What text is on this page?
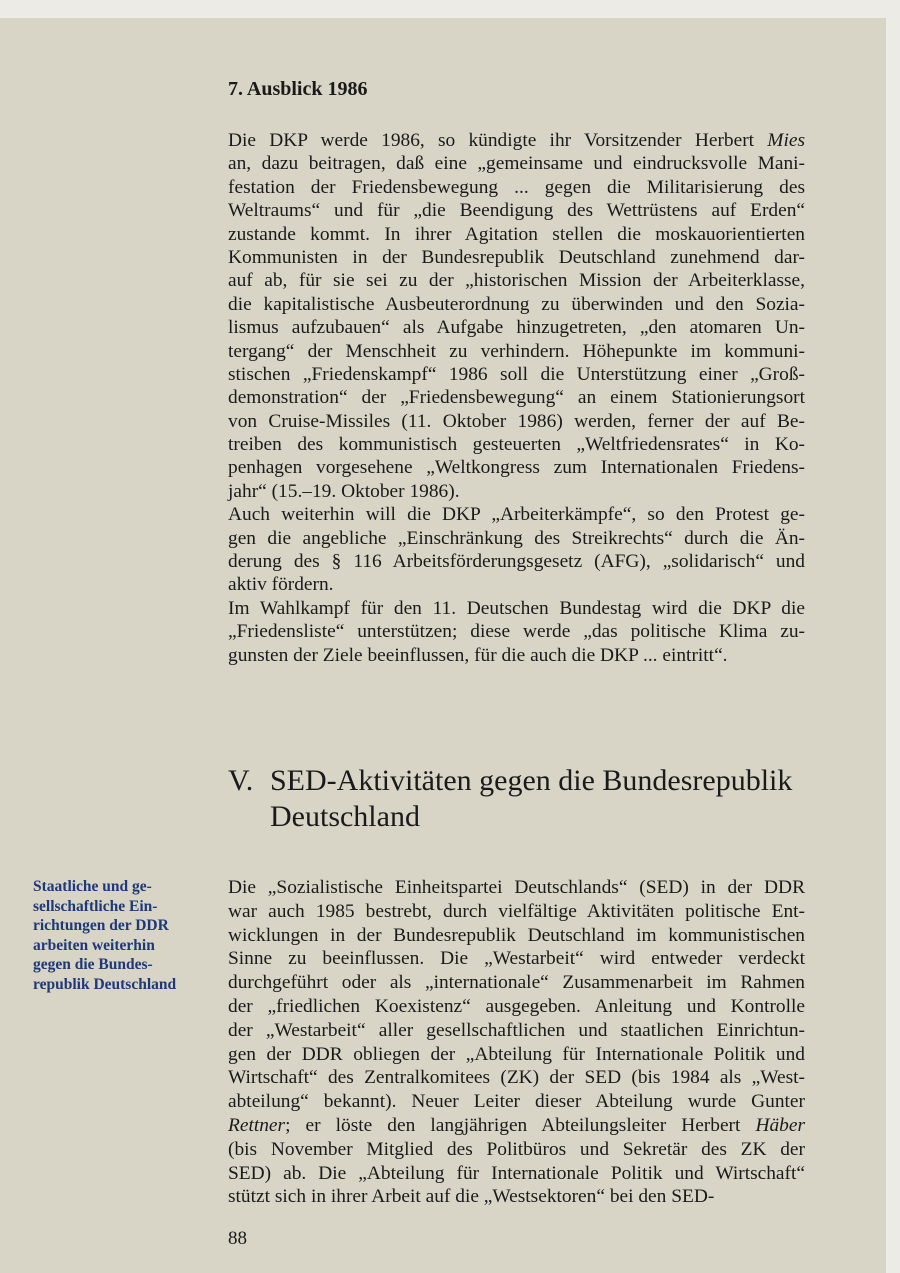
7. Ausblick 1986
Die DKP werde 1986, so kündigte ihr Vorsitzender Herbert Mies
an, dazu beitragen, daß eine „gemeinsame und eindrucksvolle Mani-
festation der Friedensbewegung ... gegen die Militarisierung des
Weltraums“ und für „die Beendigung des Wettrüstens auf Erden“
zustande kommt. In ihrer Agitation stellen die moskauorientierten
Kommunisten in der Bundesrepublik Deutschland zunehmend dar-
auf ab, für sie sei zu der „historischen Mission der Arbeiterklasse,
die kapitalistische Ausbeuterordnung zu überwinden und den Sozia-
lismus aufzubauen“ als Aufgabe hinzugetreten, „den atomaren Un-
tergang“ der Menschheit zu verhindern. Höhepunkte im kommuni-
stischen „Friedenskampf“ 1986 soll die Unterstützung einer „Groß-
demonstration“ der „Friedensbewegung“ an einem Stationierungsort
von Cruise-Missiles (11. Oktober 1986) werden, ferner der auf Be-
treiben des kommunistisch gesteuerten „Weltfriedensrates“ in Ko-
penhagen vorgesehene „Weltkongress zum Internationalen Friedens-
jahr“ (15.–19. Oktober 1986).
Auch weiterhin will die DKP „Arbeiterkämpfe“, so den Protest ge-
gen die angebliche „Einschränkung des Streikrechts“ durch die Än-
derung des § 116 Arbeitsförderungsgesetz (AFG), „solidarisch“ und
aktiv fördern.
Im Wahlkampf für den 11. Deutschen Bundestag wird die DKP die
„Friedensliste“ unterstützen; diese werde „das politische Klima zu-
gunsten der Ziele beeinflussen, für die auch die DKP ... eintritt“.
V. SED-Aktivitäten gegen die Bundesrepublik
Deutschland
Staatliche und ge-
sellschaftliche Ein-
richtungen der DDR
arbeiten weiterhin
gegen die Bundes-
republik Deutschland
Die „Sozialistische Einheitspartei Deutschlands“ (SED) in der DDR
war auch 1985 bestrebt, durch vielfältige Aktivitäten politische Ent-
wicklungen in der Bundesrepublik Deutschland im kommunistischen
Sinne zu beeinflussen. Die „Westarbeit“ wird entweder verdeckt
durchgeführt oder als „internationale“ Zusammenarbeit im Rahmen
der „friedlichen Koexistenz“ ausgegeben. Anleitung und Kontrolle
der „Westarbeit“ aller gesellschaftlichen und staatlichen Einrichtun-
gen der DDR obliegen der „Abteilung für Internationale Politik und
Wirtschaft“ des Zentralkomitees (ZK) der SED (bis 1984 als „West-
abteilung“ bekannt). Neuer Leiter dieser Abteilung wurde Gunter
Rettner; er löste den langjährigen Abteilungsleiter Herbert Häber
(bis November Mitglied des Politbüros und Sekretär des ZK der
SED) ab. Die „Abteilung für Internationale Politik und Wirtschaft“
stützt sich in ihrer Arbeit auf die „Westsektoren“ bei den SED-
88
